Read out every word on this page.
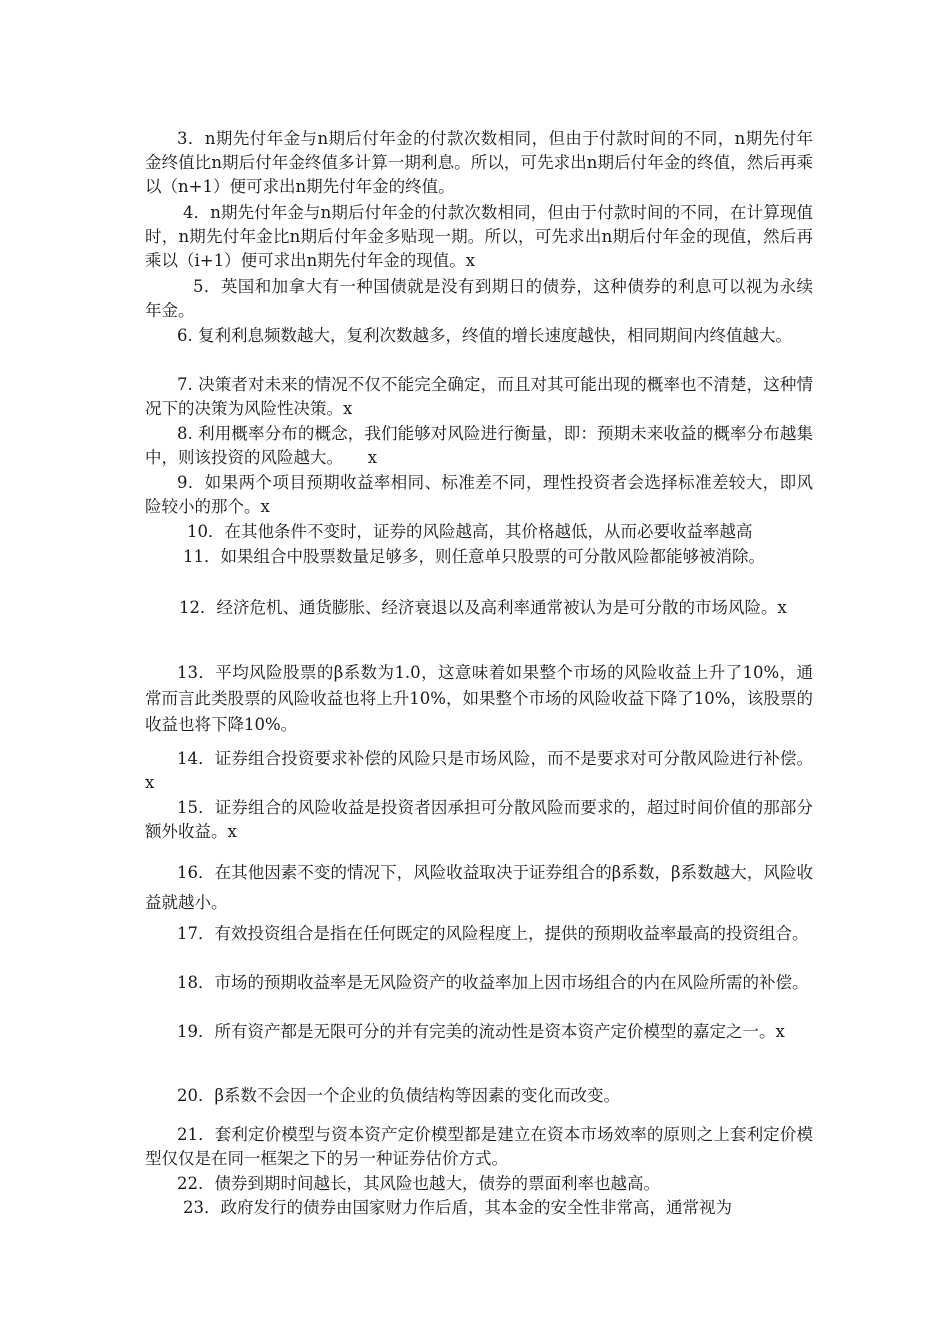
3．n期先付年金与n期后付年金的付款次数相同，但由于付款时间的不同，n期先付年金终值比n期后付年金终值多计算一期利息。所以，可先求出n期后付年金的终值，然后再乘以（n+1）便可求出n期先付年金的终值。
4．n期先付年金与n期后付年金的付款次数相同，但由于付款时间的不同，在计算现值时，n期先付年金比n期后付年金多贴现一期。所以，可先求出n期后付年金的现值，然后再乘以（i+1）便可求出n期先付年金的现值。x
5．英国和加拿大有一种国债就是没有到期日的债券，这种债券的利息可以视为永续年金。
6. 复利利息频数越大，复利次数越多，终值的增长速度越快，相同期间内终值越大。
7. 决策者对未来的情况不仅不能完全确定，而且对其可能出现的概率也不清楚，这种情况下的决策为风险性决策。x
8. 利用概率分布的概念，我们能够对风险进行衡量，即：预期未来收益的概率分布越集中，则该投资的风险越大。　　x
9．如果两个项目预期收益率相同、标准差不同，理性投资者会选择标准差较大，即风险较小的那个。x
10．在其他条件不变时，证券的风险越高，其价格越低，从而必要收益率越高
11．如果组合中股票数量足够多，则任意单只股票的可分散风险都能够被消除。
12．经济危机、通货膨胀、经济衰退以及高利率通常被认为是可分散的市场风险。x
13．平均风险股票的β系数为1.0，这意味着如果整个市场的风险收益上升了10%，通常而言此类股票的风险收益也将上升10%，如果整个市场的风险收益下降了10%，该股票的收益也将下降10%。
14．证券组合投资要求补偿的风险只是市场风险，而不是要求对可分散风险进行补偿。x
15．证券组合的风险收益是投资者因承担可分散风险而要求的，超过时间价值的那部分额外收益。x
16．在其他因素不变的情况下，风险收益取决于证券组合的β系数，β系数越大，风险收益就越小。
17．有效投资组合是指在任何既定的风险程度上，提供的预期收益率最高的投资组合。
18．市场的预期收益率是无风险资产的收益率加上因市场组合的内在风险所需的补偿。
19．所有资产都是无限可分的并有完美的流动性是资本资产定价模型的嘉定之一。x
20．β系数不会因一个企业的负债结构等因素的变化而改变。
21．套利定价模型与资本资产定价模型都是建立在资本市场效率的原则之上套利定价模型仅仅是在同一框架之下的另一种证券估价方式。
22．债券到期时间越长，其风险也越大，债券的票面利率也越高。
23．政府发行的债券由国家财力作后盾，其本金的安全性非常高，通常视为
